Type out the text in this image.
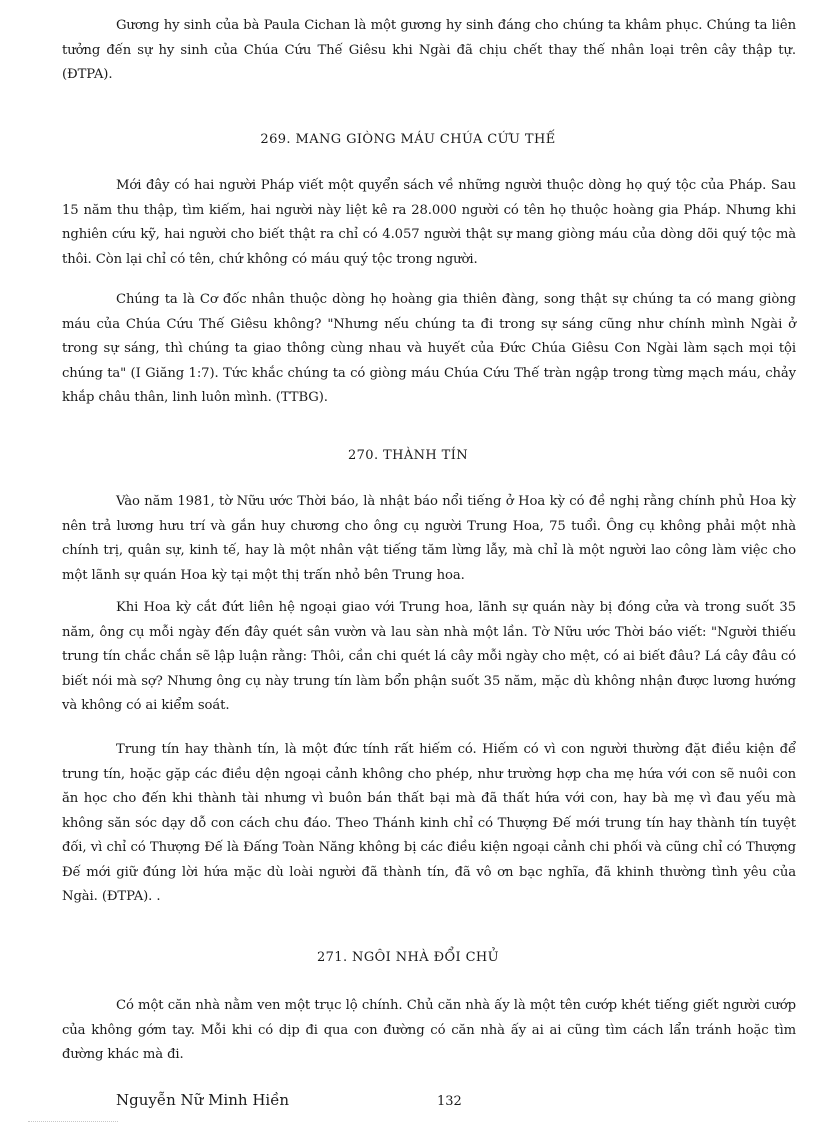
Gương hy sinh của bà Paula Cichan là một gương hy sinh đáng cho chúng ta khâm phục. Chúng ta liên tưởng đến sự hy sinh của Chúa Cứu Thế Giêsu khi Ngài đã chịu chết thay thế nhân loại trên cây thập tự. (ĐTPA).

269. MANG GIÒNG MÁU CHÚA CỨU THẾ

Mới đây có hai người Pháp viết một quyển sách về những người thuộc dòng họ quý tộc của Pháp. Sau 15 năm thu thập, tìm kiếm, hai người này liệt kê ra 28.000 người có tên họ thuộc hoàng gia Pháp. Nhưng khi nghiên cứu kỹ, hai người cho biết thật ra chỉ có 4.057 người thật sự mang giòng máu của dòng dõi quý tộc mà thôi. Còn lại chỉ có tên, chứ không có máu quý tộc trong người.

Chúng ta là Cơ đốc nhân thuộc dòng họ hoàng gia thiên đàng, song thật sự chúng ta có mang giòng máu của Chúa Cứu Thế Giêsu không? "Nhưng nếu chúng ta đi trong sự sáng cũng như chính mình Ngài ở trong sự sáng, thì chúng ta giao thông cùng nhau và huyết của Đức Chúa Giêsu Con Ngài làm sạch mọi tội chúng ta" (I Giăng 1:7). Tức khắc chúng ta có giòng máu Chúa Cứu Thế tràn ngập trong từng mạch máu, chảy khắp châu thân, linh luôn mình. (TTBG).

270. THÀNH TÍN

Vào năm 1981, tờ Nữu ước Thời báo, là nhật báo nổi tiếng ở Hoa kỳ có đề nghị rằng chính phủ Hoa kỳ nên trả lương hưu trí và gắn huy chương cho ông cụ người Trung Hoa, 75 tuổi. Ông cụ không phải một nhà chính trị, quân sự, kinh tế, hay là một nhân vật tiếng tăm lừng lẫy, mà chỉ là một người lao công làm việc cho một lãnh sự quán Hoa kỳ tại một thị trấn nhỏ bên Trung hoa.

Khi Hoa kỳ cắt đứt liên hệ ngoại giao với Trung hoa, lãnh sự quán này bị đóng cửa và trong suốt 35 năm, ông cụ mỗi ngày đến đây quét sân vườn và lau sàn nhà một lần. Tờ Nữu ước Thời báo viết: "Người thiếu trung tín chắc chắn sẽ lập luận rằng: Thôi, cần chi quét lá cây mỗi ngày cho mệt, có ai biết đâu? Lá cây đâu có biết nói mà sợ? Nhưng ông cụ này trung tín làm bổn phận suốt 35 năm, mặc dù không nhận được lương hướng và không có ai kiểm soát.

Trung tín hay thành tín, là một đức tính rất hiếm có. Hiếm có vì con người thường đặt điều kiện để trung tín, hoặc gặp các điều dện ngoại cảnh không cho phép, như trường hợp cha mẹ hứa với con sẽ nuôi con ăn học cho đến khi thành tài nhưng vì buôn bán thất bại mà đã thất hứa với con, hay bà mẹ vì đau yếu mà không săn sóc dạy dỗ con cách chu đáo. Theo Thánh kinh chỉ có Thượng Đế mới trung tín hay thành tín tuyệt đối, vì chỉ có Thượng Đế là Đấng Toàn Năng không bị các điều kiện ngoại cảnh chi phối và cũng chỉ có Thượng Đế mới giữ đúng lời hứa mặc dù loài người đã thành tín, đã vô ơn bạc nghĩa, đã khinh thường tình yêu của Ngài. (ĐTPA). .

271. NGÔI NHÀ ĐỔI CHỦ

Có một căn nhà nằm ven một trục lộ chính. Chủ căn nhà ấy là một tên cướp khét tiếng giết người cướp của không gớm tay. Mỗi khi có dịp đi qua con đường có căn nhà ấy ai ai cũng tìm cách lẩn tránh hoặc tìm đường khác mà đi.

Nguyễn Nữ Minh Hiền	132
